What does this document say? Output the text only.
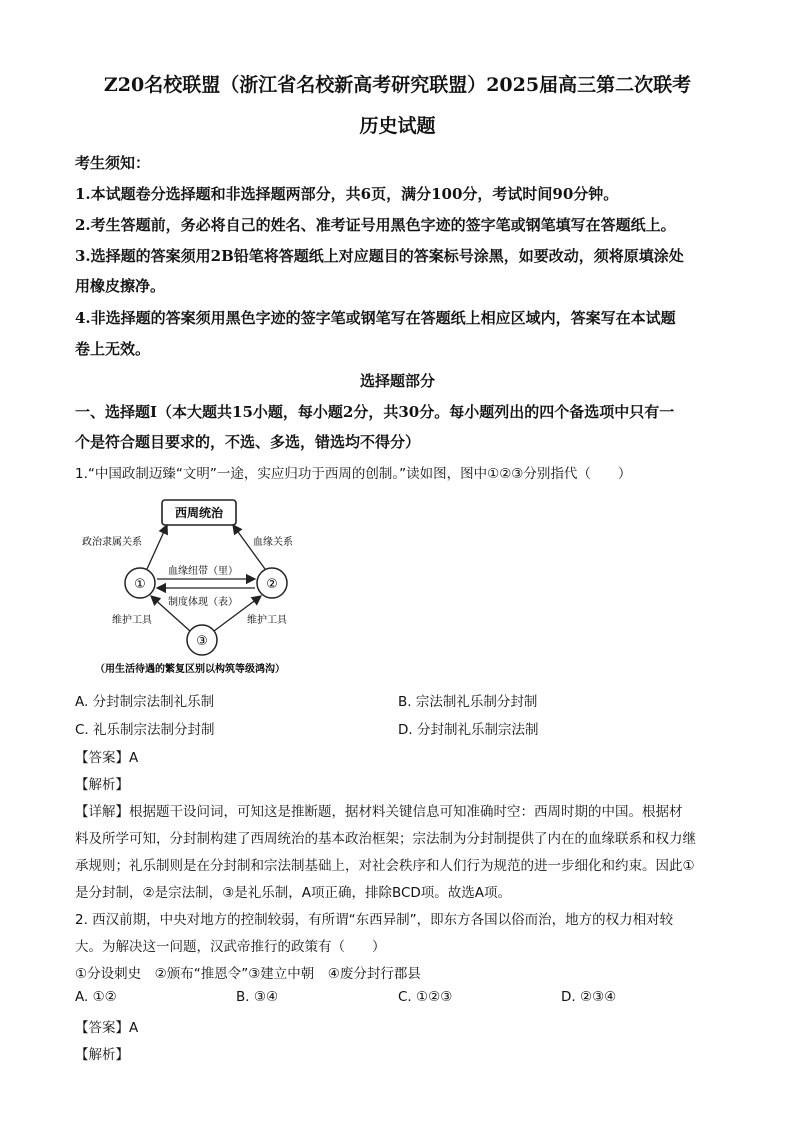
Z20名校联盟（浙江省名校新高考研究联盟）2025届高三第二次联考
历史试题
考生须知：
1.本试题卷分选择题和非选择题两部分，共6页，满分100分，考试时间90分钟。
2.考生答题前，务必将自己的姓名、准考证号用黑色字迹的签字笔或钢笔填写在答题纸上。
3.选择题的答案须用2B铅笔将答题纸上对应题目的答案标号涂黑，如要改动，须将原填涂处
用橡皮擦净。
4.非选择题的答案须用黑色字迹的签字笔或钢笔写在答题纸上相应区域内，答案写在本试题
卷上无效。
选择题部分
一、选择题Ⅰ（本大题共15小题，每小题2分，共30分。每小题列出的四个备选项中只有一
个是符合题目要求的，不选、多选，错选均不得分）
1.“中国政制迈臻“文明”一途，实应归功于西周的创制。”读如图，图中①②③分别指代（　　）
西周统治
①	②
③
政治隶属关系	血缘关系
血缘纽带（里）
制度体现（表）
维护工具	维护工具
（用生活待遇的繁复区别以构筑等级鸿沟）
A. 分封制宗法制礼乐制	B. 宗法制礼乐制分封制
C. 礼乐制宗法制分封制	D. 分封制礼乐制宗法制
【答案】A
【解析】
【详解】根据题干设问词，可知这是推断题，据材料关键信息可知准确时空：西周时期的中国。根据材
料及所学可知，分封制构建了西周统治的基本政治框架；宗法制为分封制提供了内在的血缘联系和权力继
承规则；礼乐制则是在分封制和宗法制基础上，对社会秩序和人们行为规范的进一步细化和约束。因此①
是分封制，②是宗法制，③是礼乐制，A项正确，排除BCD项。故选A项。
2. 西汉前期，中央对地方的控制较弱，有所谓“东西异制”，即东方各国以俗而治，地方的权力相对较
大。为解决这一问题，汉武帝推行的政策有（　　）
①分设刺史　②颁布“推恩令”③建立中朝　④废分封行郡县
A. ①②	B. ③④	C. ①②③	D. ②③④
【答案】A
【解析】
